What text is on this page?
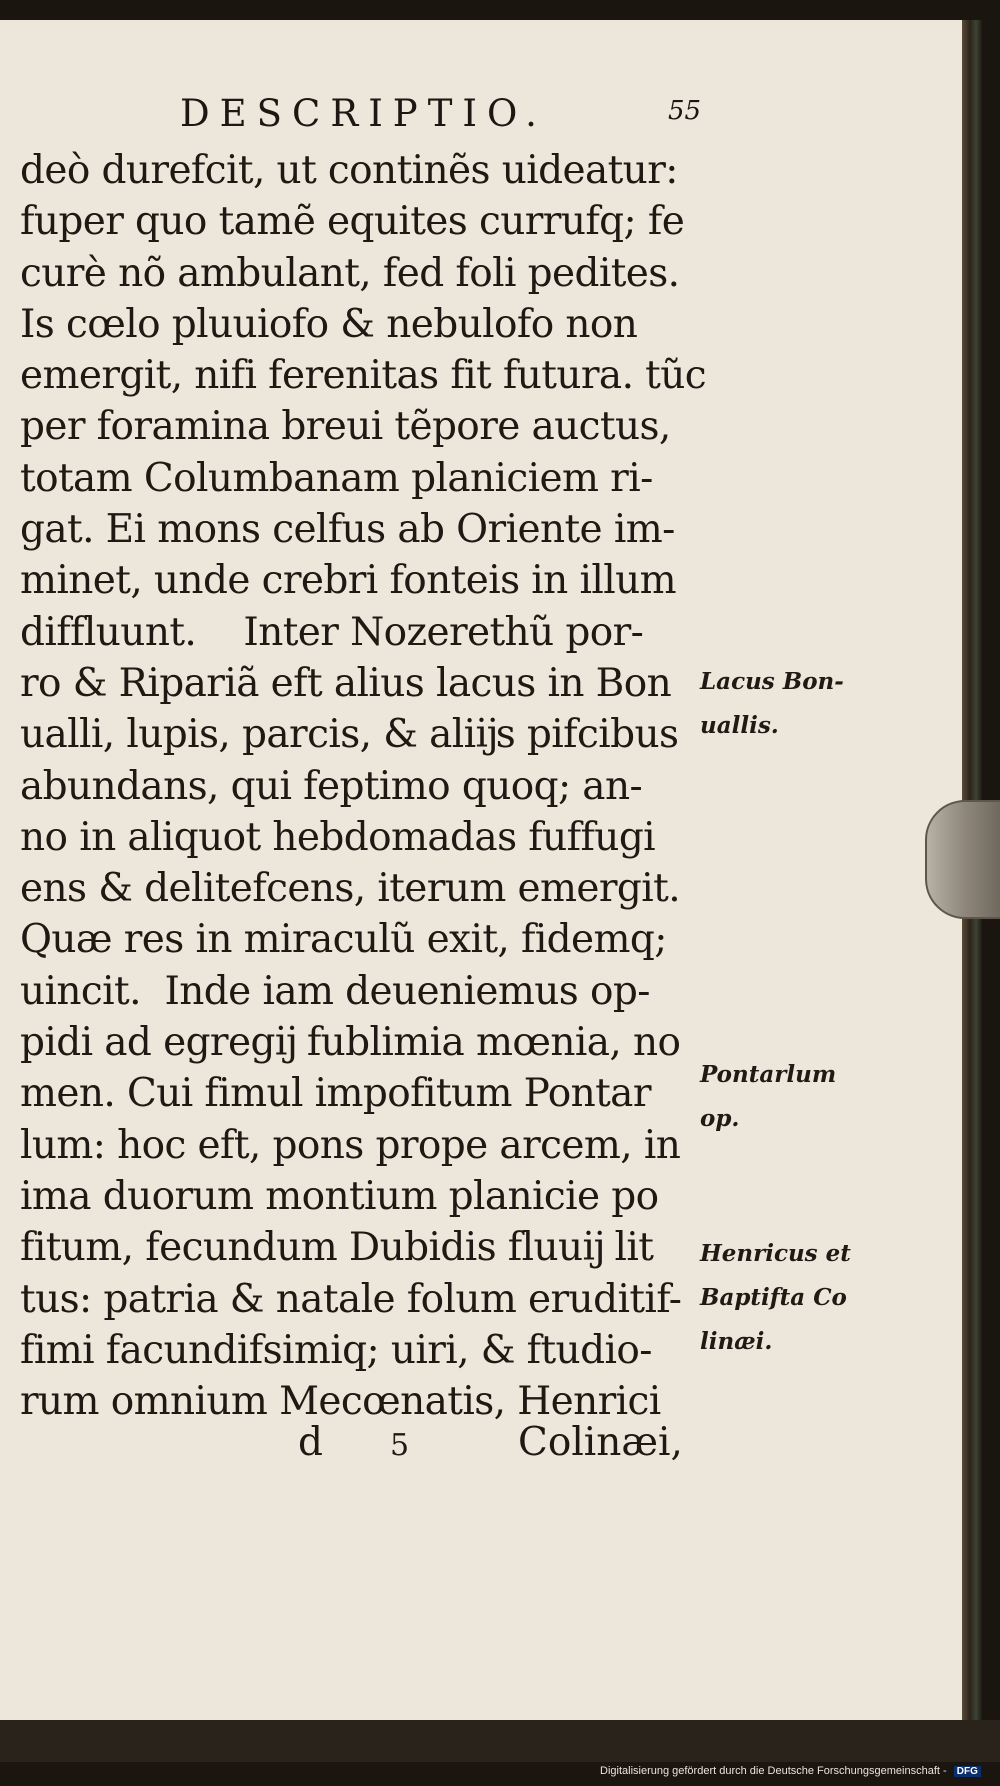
DESCRIPTIO.	55
deò durefcit, ut continẽs uideatur:
fuper quo tamẽ equites currufq; fe
curè nõ ambulant, fed foli pedites.
Is cœlo pluuiofo & nebulofo non
emergit, nifi ferenitas fit futura. tũc
per foramina breui tẽpore auctus,
totam Columbanam planiciem ri-
gat. Ei mons celfus ab Oriente im-
minet, unde crebri fonteis in illum
diffluunt.    Inter Nozerethũ por-
ro & Ripariã eft alius lacus in Bon
ualli, lupis, parcis, & aliĳs pifcibus
abundans, qui feptimo quoq; an-
no in aliquot hebdomadas fuffugi
ens & delitefcens, iterum emergit.
Quæ res in miraculũ exit, fidemq;
uincit.  Inde iam deueniemus op-
pidi ad egregĳ fublimia mœnia, no
men. Cui fimul impofitum Pontar
lum: hoc eft, pons prope arcem, in
ima duorum montium planicie po
fitum, fecundum Dubidis fluuĳ lit
tus: patria & natale folum eruditif-
fimi facundifsimiq; uiri, & ftudio-
rum omnium Mecœnatis, Henrici
Lacus Bon-
uallis.
Pontarlum
op.
Henricus et
Baptifta Co
linæi.
d 5	Colinæi,
Digitalisierung gefördert durch die Deutsche Forschungsgemeinschaft - DFG
